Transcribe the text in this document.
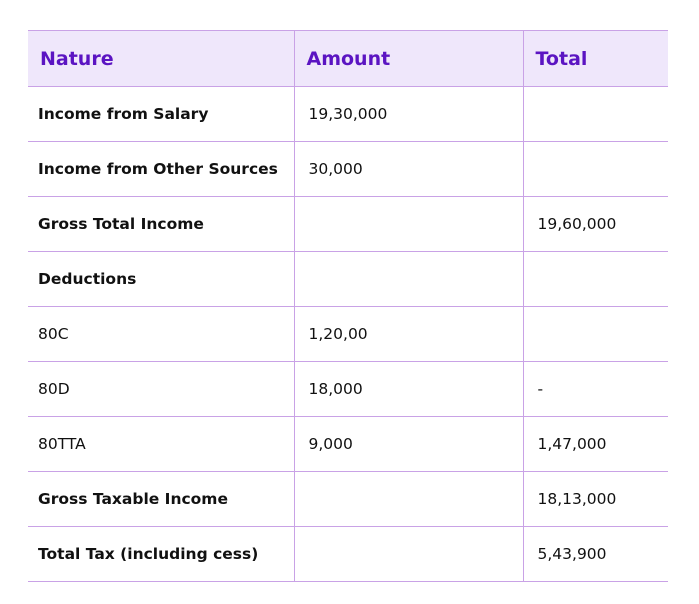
Nature	Amount	Total
Income from Salary	19,30,000	
Income from Other Sources	30,000	
Gross Total Income		19,60,000
Deductions		
80C	1,20,00	
80D	18,000	-
80TTA	9,000	1,47,000
Gross Taxable Income		18,13,000
Total Tax (including cess)		5,43,900
